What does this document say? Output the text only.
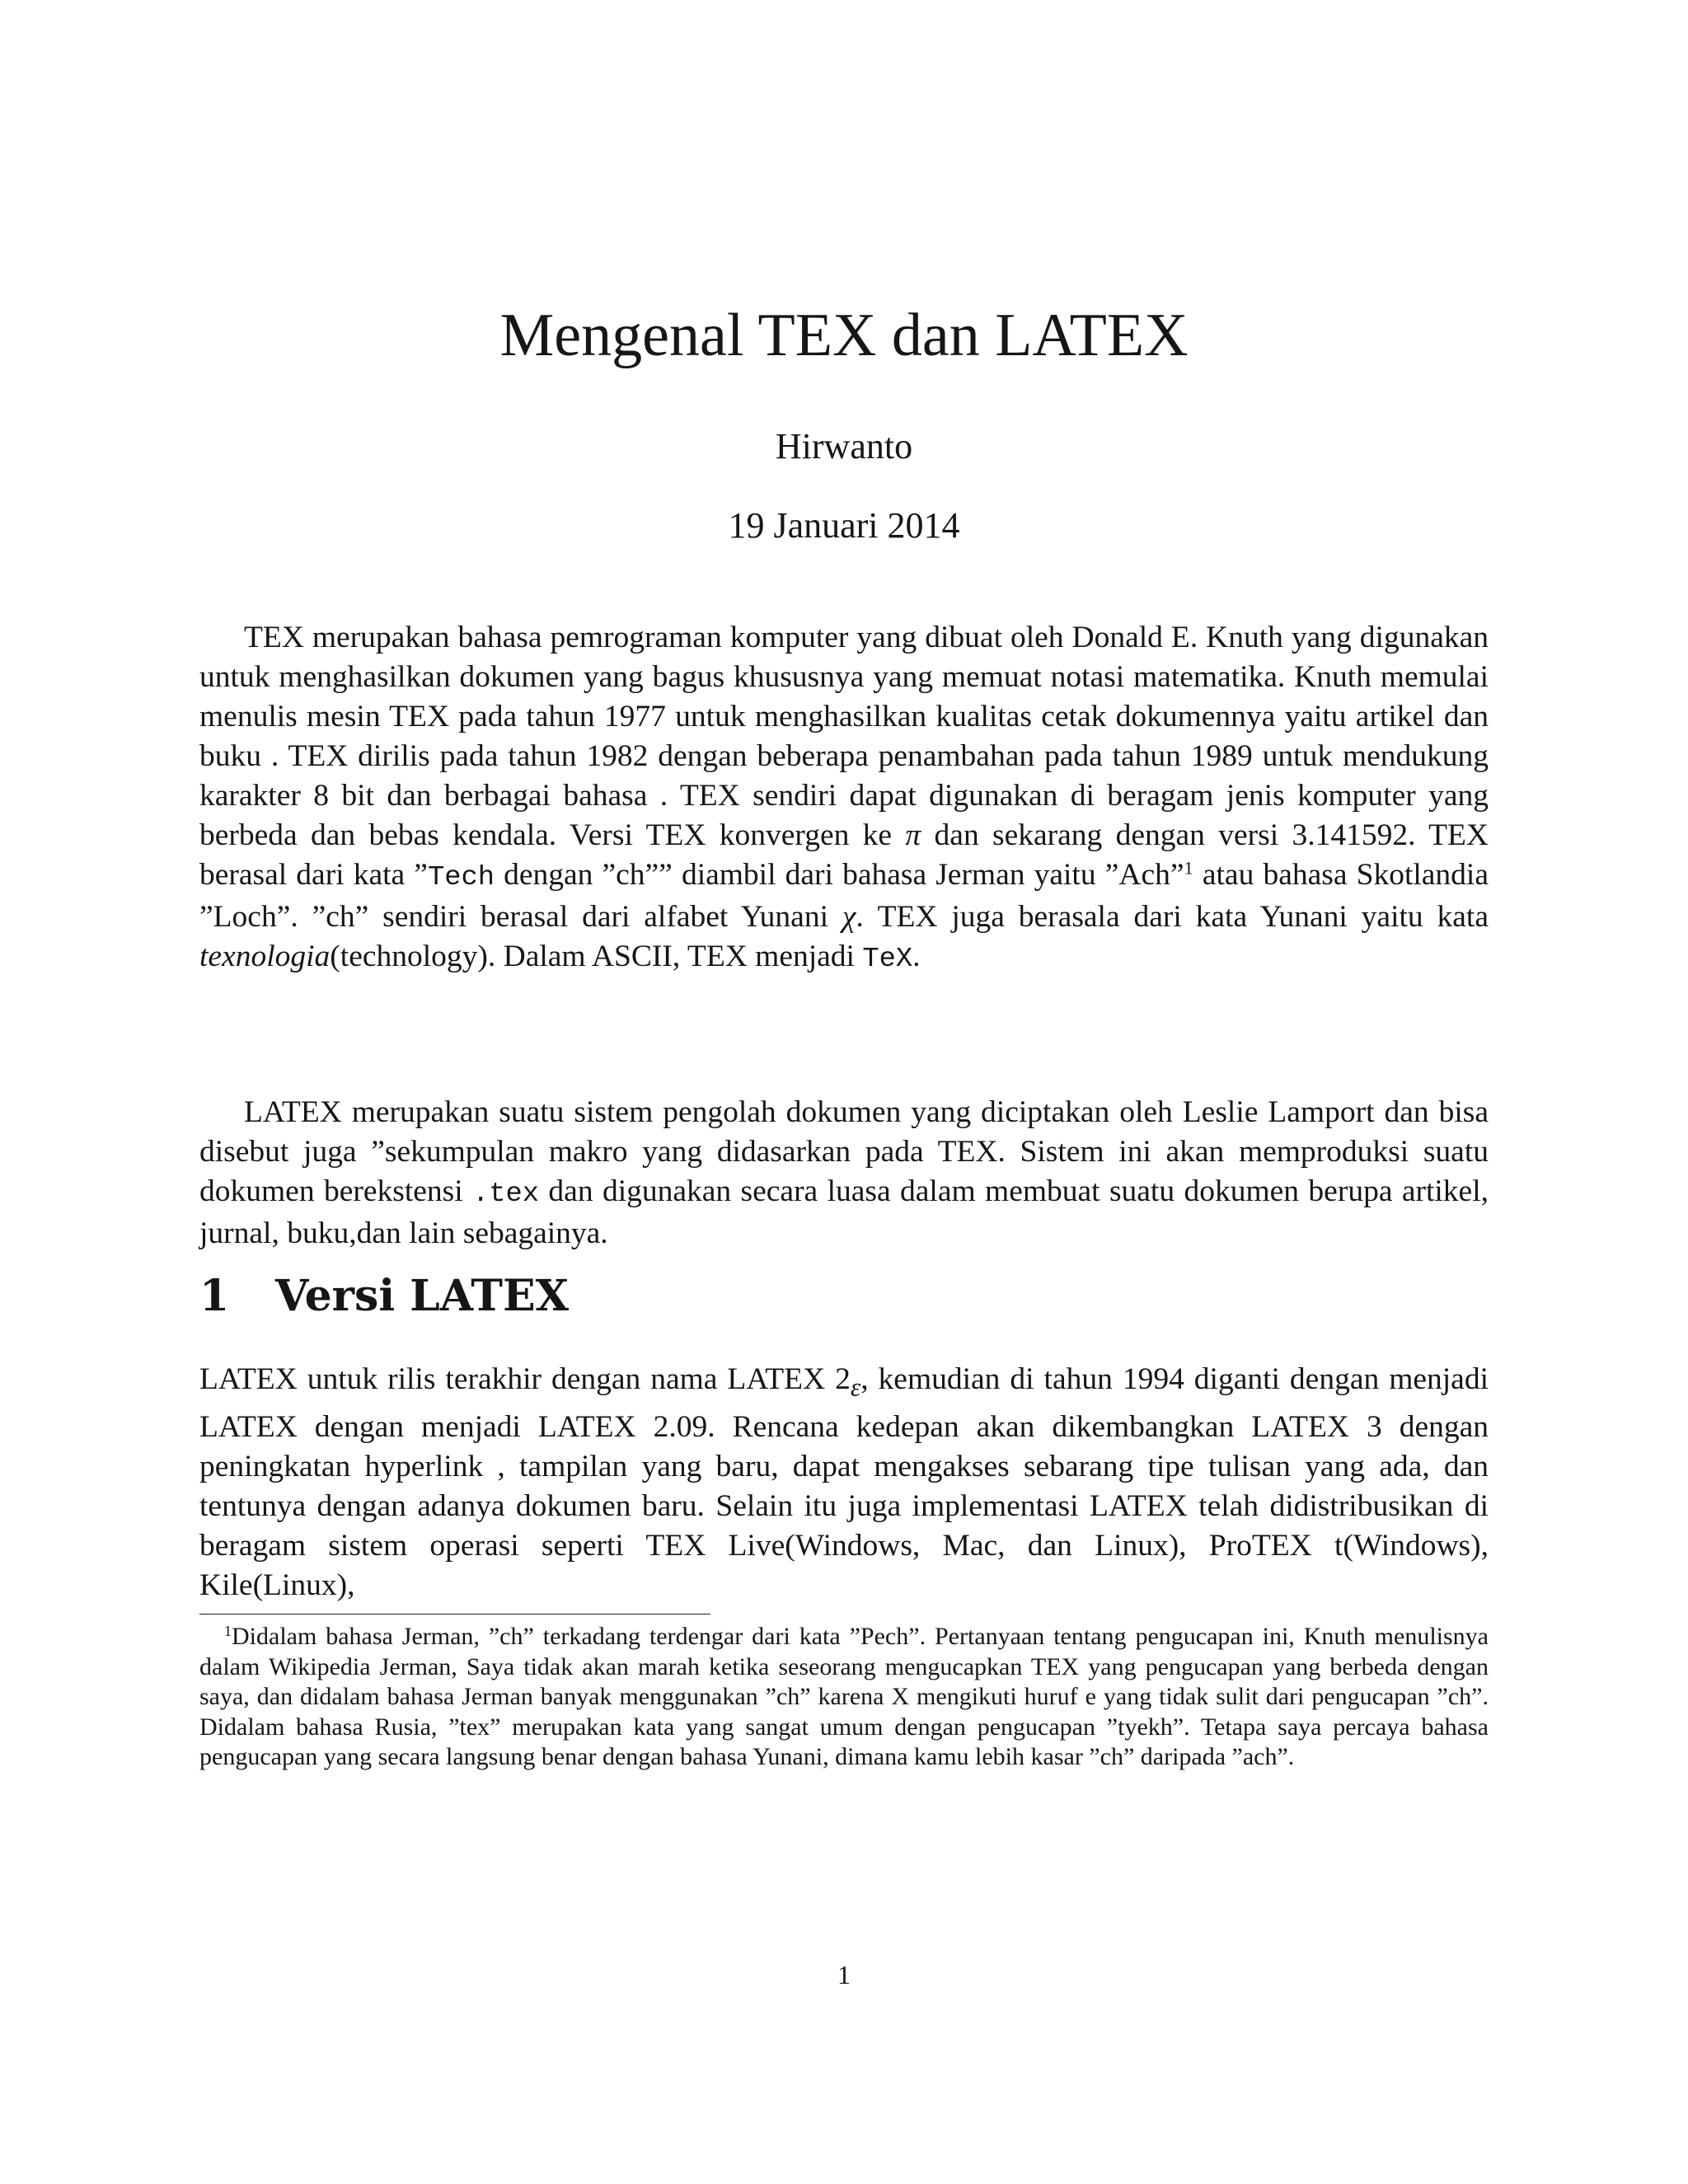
Mengenal TEX dan LATEX
Hirwanto
19 Januari 2014

TEX merupakan bahasa pemrograman komputer yang dibuat oleh Donald E. Knuth yang digunakan untuk menghasilkan dokumen yang bagus khususnya yang memuat notasi matematika. Knuth memulai menulis mesin TEX pada tahun 1977 untuk menghasilkan kualitas cetak dokumennya yaitu artikel dan buku . TEX dirilis pada tahun 1982 dengan beberapa penambahan pada tahun 1989 untuk mendukung karakter 8 bit dan berbagai bahasa . TEX sendiri dapat digunakan di beragam jenis komputer yang berbeda dan bebas kendala. Versi TEX konvergen ke π dan sekarang dengan versi 3.141592. TEX berasal dari kata ”Tech dengan ”ch”” diambil dari bahasa Jerman yaitu ”Ach”$^1$ atau bahasa Skotlandia ”Loch”. ”ch” sendiri berasal dari alfabet Yunani χ. TEX juga berasala dari kata Yunani yaitu kata texnologia(technology). Dalam ASCII, TEX menjadi TeX.

LATEX merupakan suatu sistem pengolah dokumen yang diciptakan oleh Leslie Lamport dan bisa disebut juga ”sekumpulan makro yang didasarkan pada TEX. Sistem ini akan memproduksi suatu dokumen berekstensi .tex dan digunakan secara luasa dalam membuat suatu dokumen berupa artikel, jurnal, buku,dan lain sebagainya.

1 Versi LATEX

LATEX untuk rilis terakhir dengan nama LATEX $2_\varepsilon$, kemudian di tahun 1994 diganti dengan menjadi LATEX dengan menjadi LATEX 2.09. Rencana kedepan akan dikembangkan LATEX 3 dengan peningkatan hyperlink , tampilan yang baru, dapat mengakses sebarang tipe tulisan yang ada, dan tentunya dengan adanya dokumen baru. Selain itu juga implementasi LATEX telah didistribusikan di beragam sistem operasi seperti TEX Live(Windows, Mac, dan Linux), ProTEX t(Windows), Kile(Linux),

$^1$Didalam bahasa Jerman, ”ch” terkadang terdengar dari kata ”Pech”. Pertanyaan tentang pengucapan ini, Knuth menulisnya dalam Wikipedia Jerman, Saya tidak akan marah ketika seseorang mengucapkan TEX yang pengucapan yang berbeda dengan saya, dan didalam bahasa Jerman banyak menggunakan ”ch” karena X mengikuti huruf e yang tidak sulit dari pengucapan ”ch”. Didalam bahasa Rusia, ”tex” merupakan kata yang sangat umum dengan pengucapan ”tyekh”. Tetapa saya percaya bahasa pengucapan yang secara langsung benar dengan bahasa Yunani, dimana kamu lebih kasar ”ch” daripada ”ach”.

1
